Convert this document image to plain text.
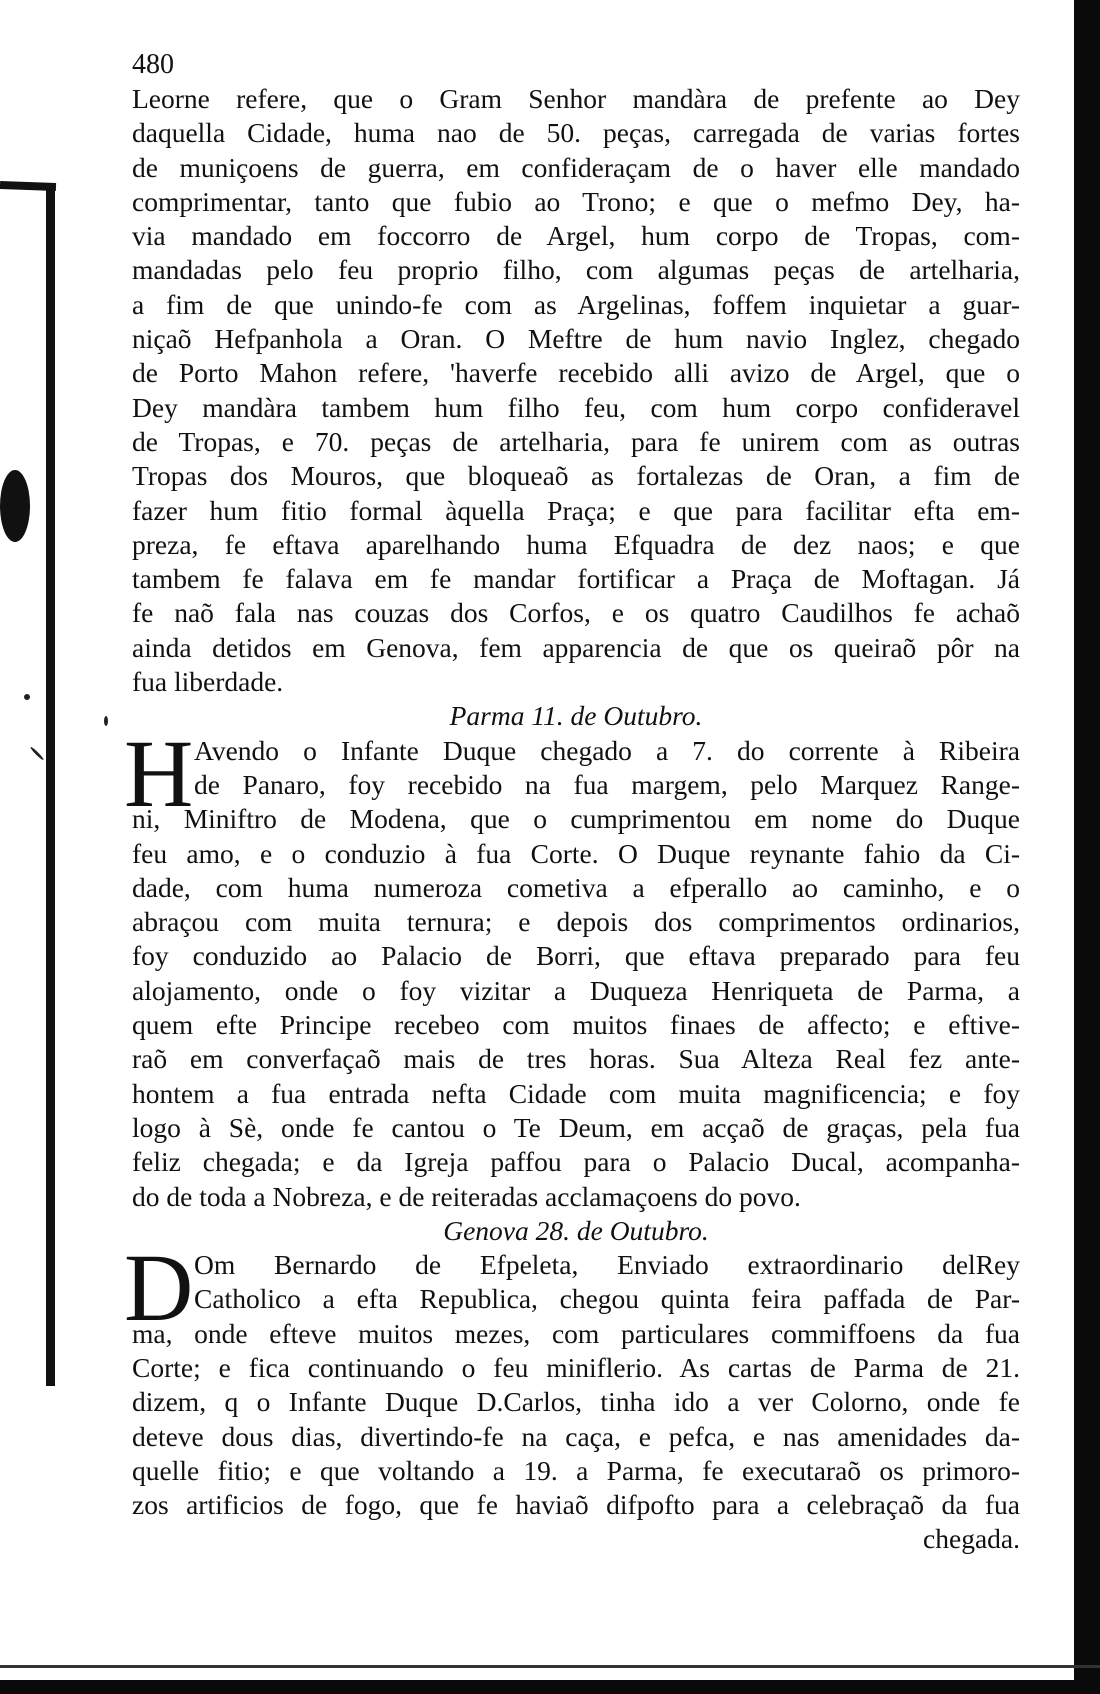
480
Leorne refere, que o Gram Senhor mandàra de prefente ao Dey
daquella Cidade, huma nao de 50. peças, carregada de varias fortes
de muniçoens de guerra, em confideraçam de o haver elle mandado
comprimentar, tanto que fubio ao Trono; e que o mefmo Dey, ha-
via mandado em foccorro de Argel, hum corpo de Tropas, com-
mandadas pelo feu proprio filho, com algumas peças de artelharia,
a fim de que unindo-fe com as Argelinas, foffem inquietar a guar-
niçaõ Hefpanhola a Oran. O Meftre de hum navio Inglez, chegado
de Porto Mahon refere, 'haverfe recebido alli avizo de Argel, que o
Dey mandàra tambem hum filho feu, com hum corpo confideravel
de Tropas, e 70. peças de artelharia, para fe unirem com as outras
Tropas dos Mouros, que bloqueaõ as fortalezas de Oran, a fim de
fazer hum fitio formal àquella Praça; e que para facilitar efta em-
preza, fe eftava aparelhando huma Efquadra de dez naos; e que
tambem fe falava em fe mandar fortificar a Praça de Moftagan. Já
fe naõ fala nas couzas dos Corfos, e os quatro Caudilhos fe achaõ
ainda detidos em Genova, fem apparencia de que os queiraõ pôr na
fua liberdade.
Parma 11. de Outubro.
H Avendo o Infante Duque chegado a 7. do corrente à Ribeira
de Panaro, foy recebido na fua margem, pelo Marquez Range-
ni, Miniftro de Modena, que o cumprimentou em nome do Duque
feu amo, e o conduzio à fua Corte. O Duque reynante fahio da Ci-
dade, com huma numeroza cometiva a efperallo ao caminho, e o
abraçou com muita ternura; e depois dos comprimentos ordinarios,
foy conduzido ao Palacio de Borri, que eftava preparado para feu
alojamento, onde o foy vizitar a Duqueza Henriqueta de Parma, a
quem efte Principe recebeo com muitos finaes de affecto; e eftive-
raõ em converfaçaõ mais de tres horas. Sua Alteza Real fez ante-
hontem a fua entrada nefta Cidade com muita magnificencia; e foy
logo à Sè, onde fe cantou o Te Deum, em acçaõ de graças, pela fua
feliz chegada; e da Igreja paffou para o Palacio Ducal, acompanha-
do de toda a Nobreza, e de reiteradas acclamaçoens do povo.
Genova 28. de Outubro.
D Om Bernardo de Efpeleta, Enviado extraordinario delRey
Catholico a efta Republica, chegou quinta feira paffada de Par-
ma, onde efteve muitos mezes, com particulares commiffoens da fua
Corte; e fica continuando o feu miniflerio. As cartas de Parma de 21.
dizem, q o Infante Duque D.Carlos, tinha ido a ver Colorno, onde fe
deteve dous dias, divertindo-fe na caça, e pefca, e nas amenidades da-
quelle fitio; e que voltando a 19. a Parma, fe executaraõ os primoro-
zos artificios de fogo, que fe haviaõ difpofto para a celebraçaõ da fua
chegada.
